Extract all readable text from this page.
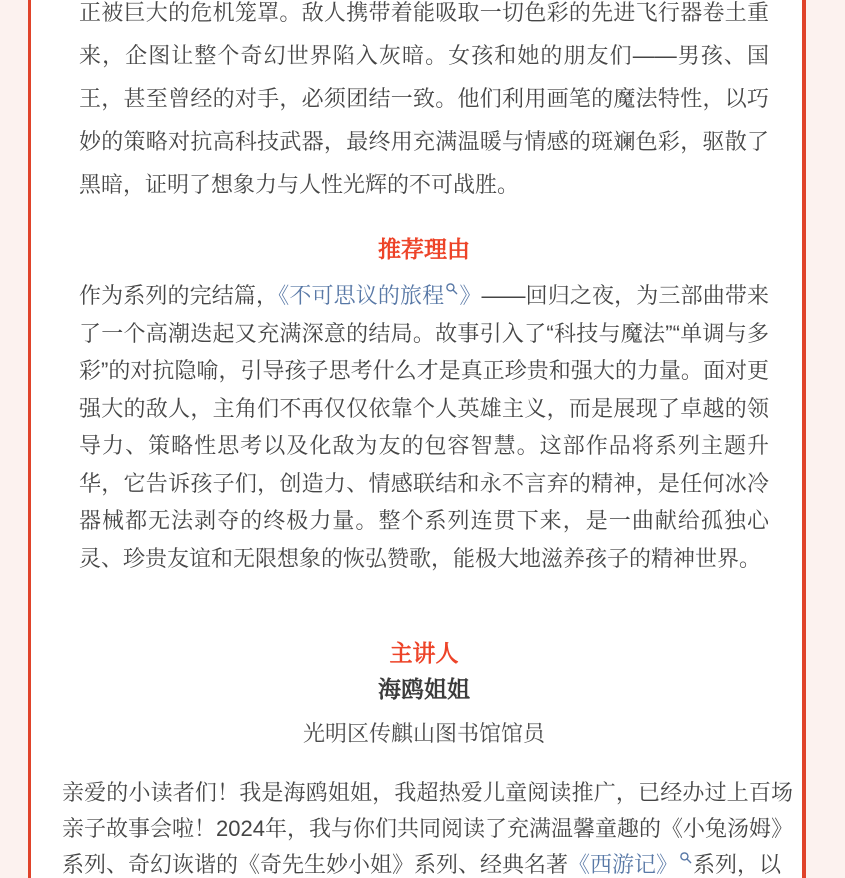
正被巨大的危机笼罩。敌人携带着能吸取一切色彩的先进飞行器卷土重来，企图让整个奇幻世界陷入灰暗。女孩和她的朋友们——男孩、国王，甚至曾经的对手，必须团结一致。他们利用画笔的魔法特性，以巧妙的策略对抗高科技武器，最终用充满温暖与情感的斑斓色彩，驱散了黑暗，证明了想象力与人性光辉的不可战胜。

推荐理由

作为系列的完结篇，《不可思议的旅程 》——回归之夜，为三部曲带来了一个高潮迭起又充满深意的结局。故事引入了“科技与魔法”“单调与多彩”的对抗隐喻，引导孩子思考什么才是真正珍贵和强大的力量。面对更强大的敌人，主角们不再仅仅依靠个人英雄主义，而是展现了卓越的领导力、策略性思考以及化敌为友的包容智慧。这部作品将系列主题升华，它告诉孩子们，创造力、情感联结和永不言弃的精神，是任何冰冷器械都无法剥夺的终极力量。整个系列连贯下来，是一曲献给孤独心灵、珍贵友谊和无限想象的恢弘赞歌，能极大地滋养孩子的精神世界。

主讲人

海鸥姐姐

光明区传麒山图书馆馆员

亲爱的小读者们！我是海鸥姐姐，我超热爱儿童阅读推广，已经办过上百场亲子故事会啦！2024年，我与你们共同阅读了充满温馨童趣的《小兔汤姆》系列、奇幻诙谐的《奇先生妙小姐》系列、经典名著《西游记》 系列，以
